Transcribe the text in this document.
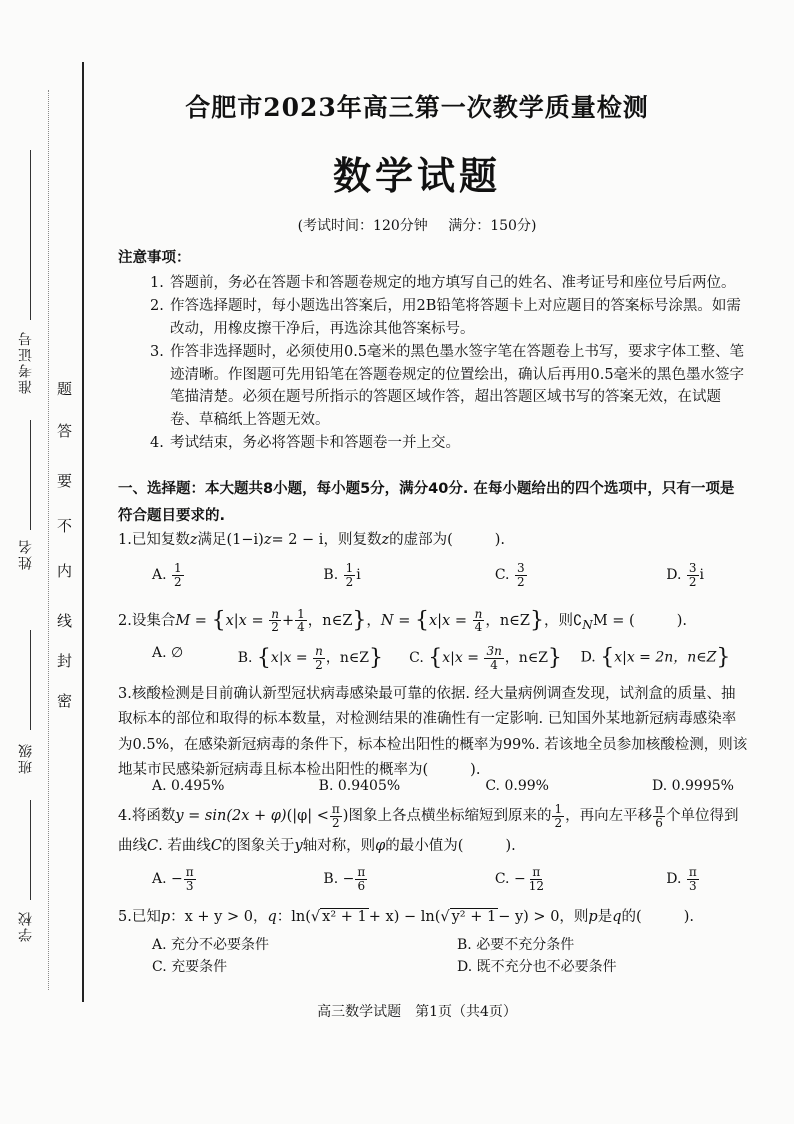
学校
班级
姓名
准考证号
密
封
线
内
不
要
答
题
合肥市2023年高三第一次教学质量检测
数学试题
(考试时间：120分钟 满分：150分)
注意事项：
1. 答题前，务必在答题卡和答题卷规定的地方填写自己的姓名、准考证号和座位号后两位。
2. 作答选择题时，每小题选出答案后，用2B铅笔将答题卡上对应题目的答案标号涂黑。如需改动，用橡皮擦干净后，再选涂其他答案标号。
3. 作答非选择题时，必须使用0.5毫米的黑色墨水签字笔在答题卷上书写，要求字体工整、笔迹清晰。作图题可先用铅笔在答题卷规定的位置绘出，确认后再用0.5毫米的黑色墨水签字笔描清楚。必须在题号所指示的答题区域作答，超出答题区域书写的答案无效，在试题卷、草稿纸上答题无效。
4. 考试结束，务必将答题卡和答题卷一并上交。
一、选择题：本大题共8小题，每小题5分，满分40分. 在每小题给出的四个选项中，只有一项是符合题目要求的.
1.已知复数z满足(1−i)z= 2 − i，则复数z的虚部为(	).
A. $\frac{1}{2}$	B. $\frac{1}{2}$ i	C. $\frac{3}{2}$	D. $\frac{3}{2}$ i
2.设集合$M = \{x|x = \frac{n}{2} + \frac{1}{4}$ ，n∈Z}，$N = \{x|x = \frac{n}{4}$ ，n∈Z}，则$∁_NM$ = (	).
A. ∅	B. {$x|x = \frac{n}{2}$ ，n∈Z}	C. {$x|x = \frac{3n}{4}$ ，n∈Z}	D. {x|x = 2n，n∈Z}
3.核酸检测是目前确认新型冠状病毒感染最可靠的依据. 经大量病例调查发现，试剂盒的质量、抽取标本的部位和取得的标本数量，对检测结果的准确性有一定影响. 已知国外某地新冠病毒感染率为0.5%，在感染新冠病毒的条件下，标本检出阳性的概率为99%. 若该地全员参加核酸检测，则该地某市民感染新冠病毒且标本检出阳性的概率为(	).
A. 0.495%	B. 0.9405%	C. 0.99%	D. 0.9995%
4.将函数$y = \sin(2x + \varphi)(|\varphi| < \frac{\pi}{2}$ )图象上各点横坐标缩短到原来的 $\frac{1}{2}$ ，再向左平移 $\frac{\pi}{6}$ 个单位得到曲线C. 若曲线C的图象关于y轴对称，则φ的最小值为(	).
A. − $\frac{\pi}{3}$	B. − $\frac{\pi}{6}$	C. − $\frac{\pi}{12}$	D. $\frac{\pi}{3}$
5.已知p：x + y > 0，q：ln(√ x² + 1 + x) − ln(√ y² + 1 − y) > 0，则p是q的(	).
A. 充分不必要条件	B. 必要不充分条件
C. 充要条件	D. 既不充分也不必要条件
高三数学试题　第1页（共4页）
